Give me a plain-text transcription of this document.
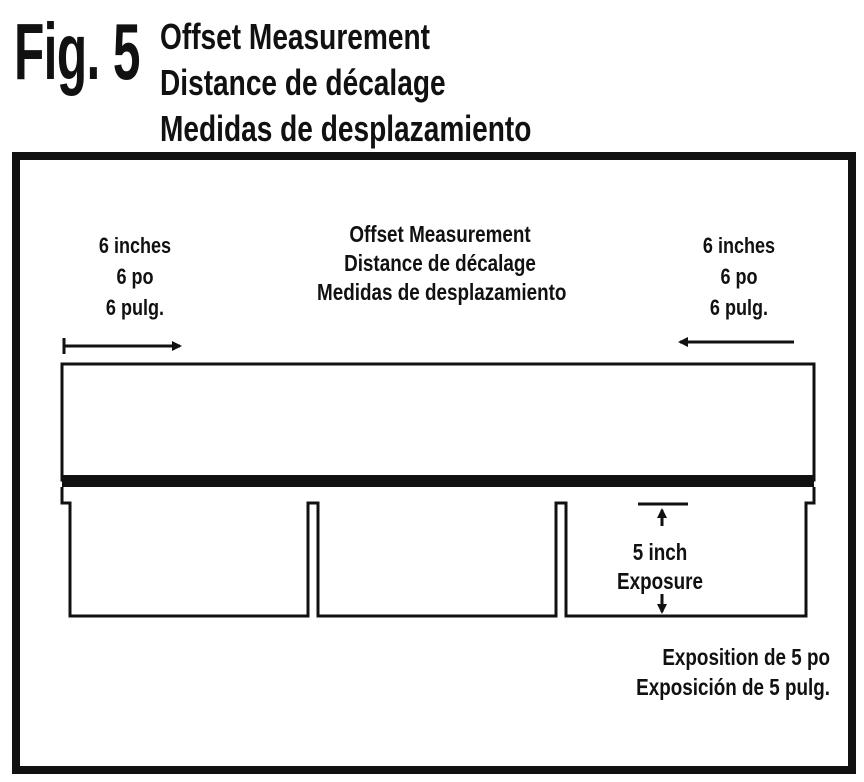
Fig. 5 Offset Measurement
Distance de décalage
Medidas de desplazamiento
6 inches
6 po
6 pulg.
Offset Measurement
Distance de décalage
Medidas de desplazamiento
6 inches
6 po
6 pulg.
5 inch
Exposure
Exposition de 5 po
Exposición de 5 pulg.
